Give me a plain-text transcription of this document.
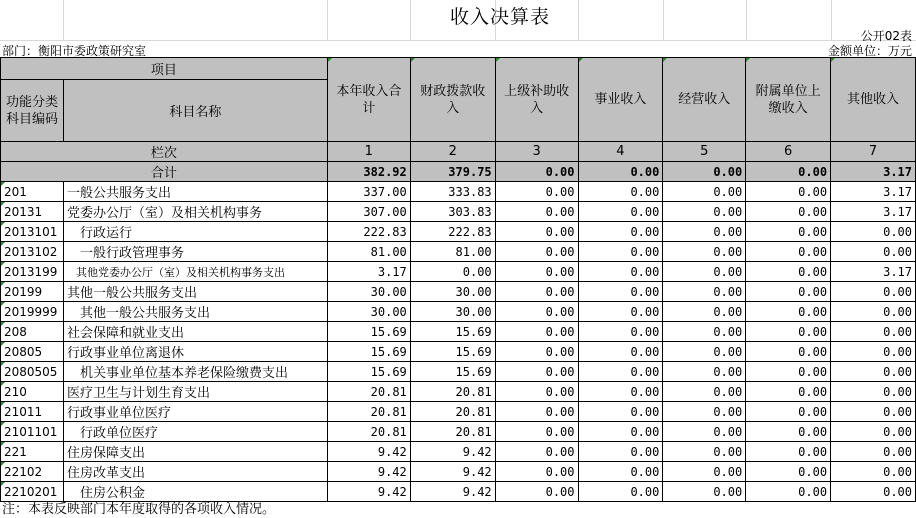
收入决算表
公开02表
部门：衡阳市委政策研究室	金额单位：万元
项目		本年收入合计	财政拨款收入	上级补助收入	事业收入	经营收入	附属单位上缴收入	其他收入
功能分类科目编码	科目名称							
栏次		1	2	3	4	5	6	7
合计		382.92	379.75	0.00	0.00	0.00	0.00	3.17
201	一般公共服务支出	337.00	333.83	0.00	0.00	0.00	0.00	3.17
20131	党委办公厅（室）及相关机构事务	307.00	303.83	0.00	0.00	0.00	0.00	3.17
2013101	行政运行	222.83	222.83	0.00	0.00	0.00	0.00	0.00
2013102	一般行政管理事务	81.00	81.00	0.00	0.00	0.00	0.00	0.00
2013199	其他党委办公厅（室）及相关机构事务支出	3.17	0.00	0.00	0.00	0.00	0.00	3.17
20199	其他一般公共服务支出	30.00	30.00	0.00	0.00	0.00	0.00	0.00
2019999	其他一般公共服务支出	30.00	30.00	0.00	0.00	0.00	0.00	0.00
208	社会保障和就业支出	15.69	15.69	0.00	0.00	0.00	0.00	0.00
20805	行政事业单位离退休	15.69	15.69	0.00	0.00	0.00	0.00	0.00
2080505	机关事业单位基本养老保险缴费支出	15.69	15.69	0.00	0.00	0.00	0.00	0.00
210	医疗卫生与计划生育支出	20.81	20.81	0.00	0.00	0.00	0.00	0.00
21011	行政事业单位医疗	20.81	20.81	0.00	0.00	0.00	0.00	0.00
2101101	行政单位医疗	20.81	20.81	0.00	0.00	0.00	0.00	0.00
221	住房保障支出	9.42	9.42	0.00	0.00	0.00	0.00	0.00
22102	住房改革支出	9.42	9.42	0.00	0.00	0.00	0.00	0.00
2210201	住房公积金	9.42	9.42	0.00	0.00	0.00	0.00	0.00
注：本表反映部门本年度取得的各项收入情况。
